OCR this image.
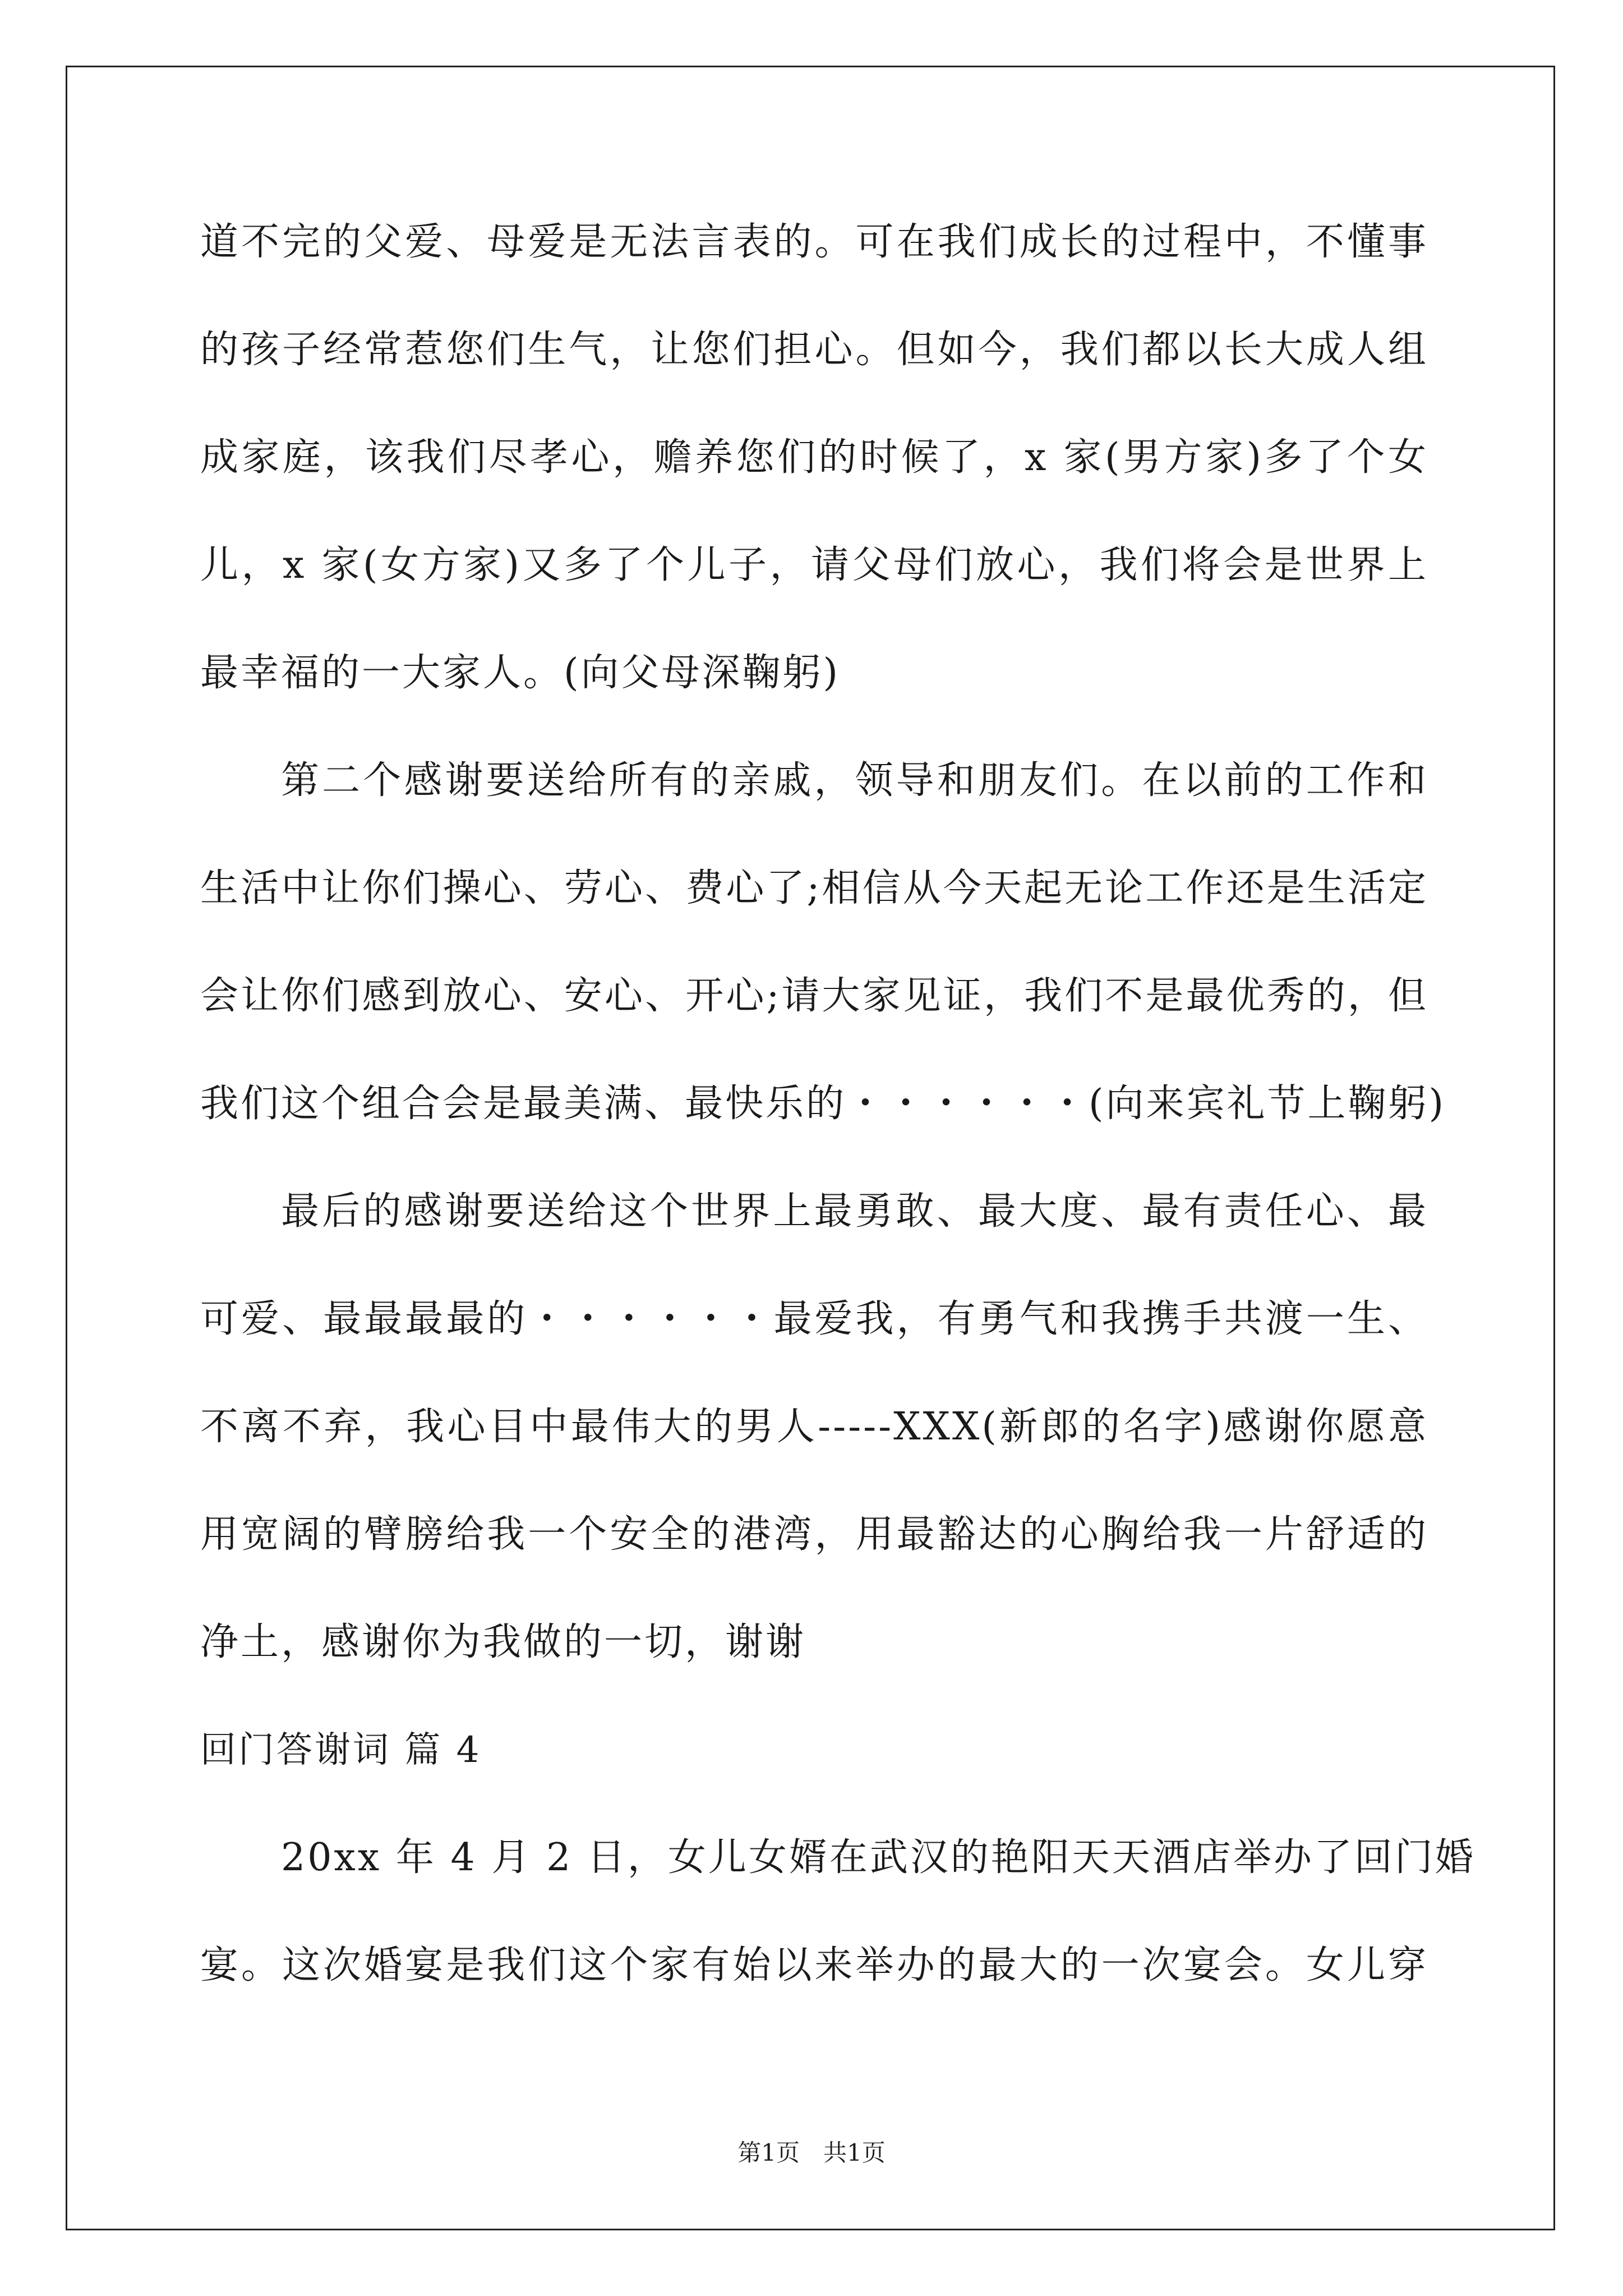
道不完的父爱、母爱是无法言表的。可在我们成长的过程中，不懂事
的孩子经常惹您们生气，让您们担心。但如今，我们都以长大成人组
成家庭，该我们尽孝心，赡养您们的时候了，x 家(男方家)多了个女
儿，x 家(女方家)又多了个儿子，请父母们放心，我们将会是世界上
最幸福的一大家人。(向父母深鞠躬)
第二个感谢要送给所有的亲戚，领导和朋友们。在以前的工作和
生活中让你们操心、劳心、费心了;相信从今天起无论工作还是生活定
会让你们感到放心、安心、开心;请大家见证，我们不是最优秀的，但
我们这个组合会是最美满、最快乐的・・・・・・(向来宾礼节上鞠躬)
最后的感谢要送给这个世界上最勇敢、最大度、最有责任心、最
可爱、最最最最的・・・・・・最爱我，有勇气和我携手共渡一生、
不离不弃，我心目中最伟大的男人-----XXX(新郎的名字)感谢你愿意
用宽阔的臂膀给我一个安全的港湾，用最豁达的心胸给我一片舒适的
净土，感谢你为我做的一切，谢谢
回门答谢词 篇 4
20xx 年 4 月 2 日，女儿女婿在武汉的艳阳天天酒店举办了回门婚
宴。这次婚宴是我们这个家有始以来举办的最大的一次宴会。女儿穿
第1页　共1页
